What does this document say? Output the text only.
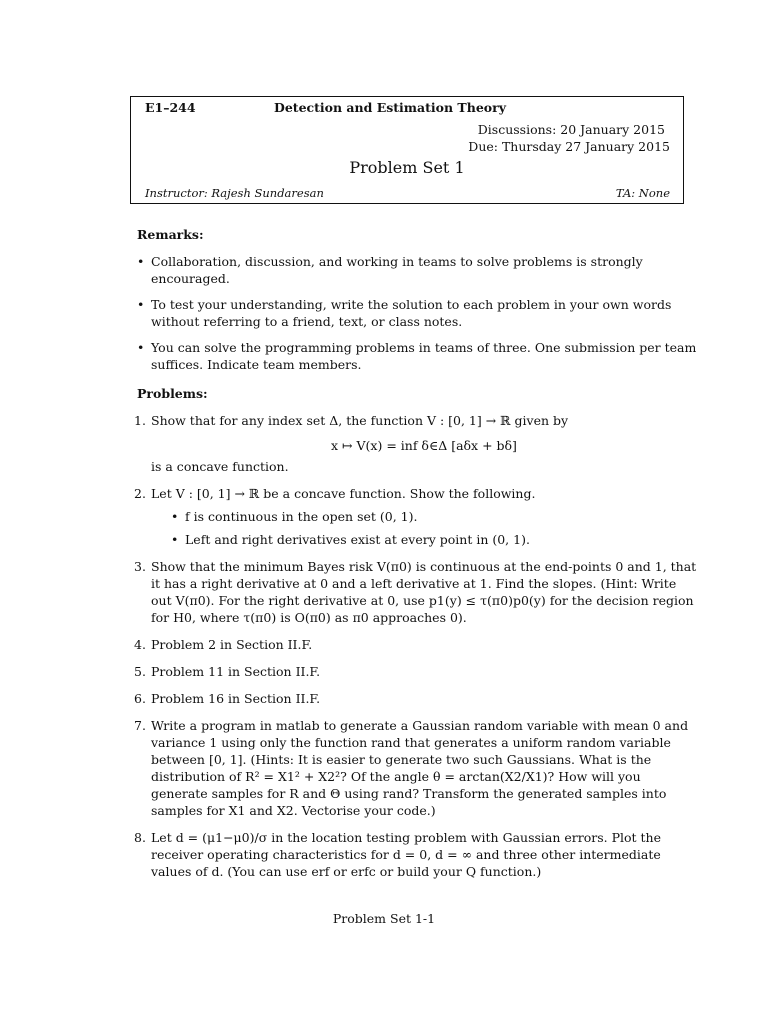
E1–244	Detection and Estimation Theory
Discussions: 20 January 2015
Due: Thursday 27 January 2015
Problem Set 1
Instructor: Rajesh Sundaresan	TA: None
Remarks:
• Collaboration, discussion, and working in teams to solve problems is strongly encouraged.
• To test your understanding, write the solution to each problem in your own words without referring to a friend, text, or class notes.
• You can solve the programming problems in teams of three. One submission per team suffices. Indicate team members.
Problems:
1. Show that for any index set Δ, the function V : [0, 1] → ℝ given by
x ↦ V(x) = inf δ∈Δ [aδx + bδ]
is a concave function.
2. Let V : [0, 1] → ℝ be a concave function. Show the following.
• f is continuous in the open set (0, 1).
• Left and right derivatives exist at every point in (0, 1).
3. Show that the minimum Bayes risk V(π0) is continuous at the end-points 0 and 1, that it has a right derivative at 0 and a left derivative at 1. Find the slopes. (Hint: Write out V(π0). For the right derivative at 0, use p1(y) ≤ τ(π0)p0(y) for the decision region for H0, where τ(π0) is O(π0) as π0 approaches 0).
4. Problem 2 in Section II.F.
5. Problem 11 in Section II.F.
6. Problem 16 in Section II.F.
7. Write a program in matlab to generate a Gaussian random variable with mean 0 and variance 1 using only the function rand that generates a uniform random variable between [0, 1]. (Hints: It is easier to generate two such Gaussians. What is the distribution of R² = X1² + X2²? Of the angle θ = arctan(X2/X1)? How will you generate samples for R and Θ using rand? Transform the generated samples into samples for X1 and X2. Vectorise your code.)
8. Let d = (μ1−μ0)/σ in the location testing problem with Gaussian errors. Plot the receiver operating characteristics for d = 0, d = ∞ and three other intermediate values of d. (You can use erf or erfc or build your Q function.)
Problem Set 1-1
